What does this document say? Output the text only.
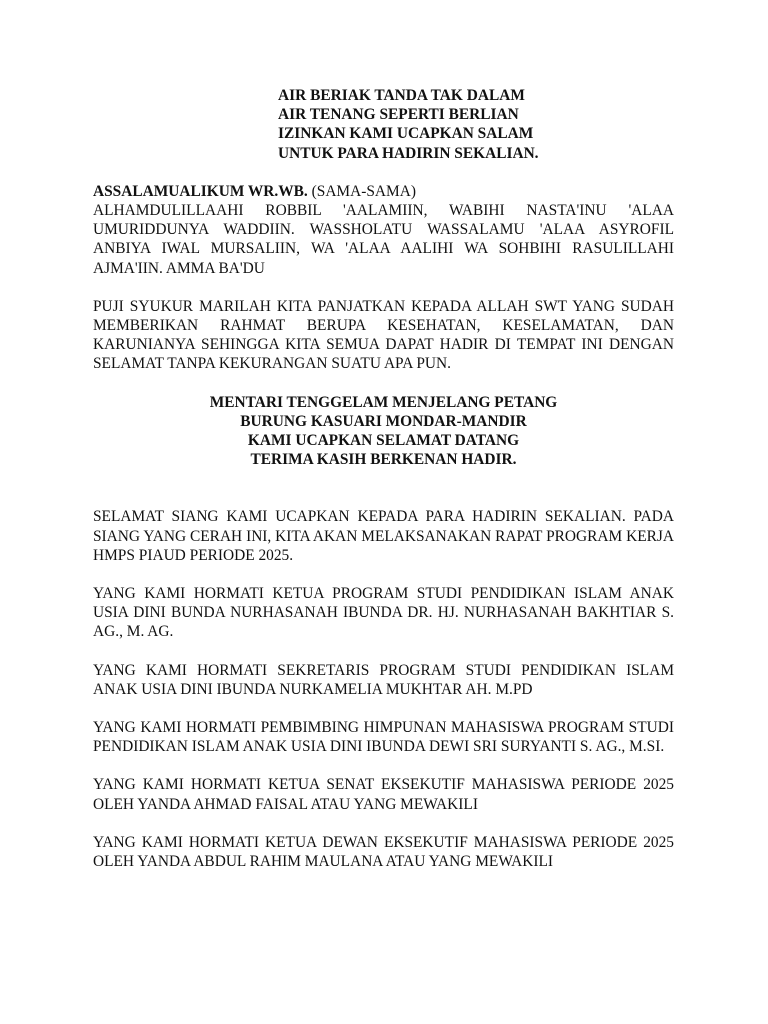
AIR BERIAK TANDA TAK DALAM
AIR TENANG SEPERTI BERLIAN
IZINKAN KAMI UCAPKAN SALAM
UNTUK PARA HADIRIN SEKALIAN.
ASSALAMUALIKUM WR.WB. (SAMA-SAMA)

ALHAMDULILLAAHI ROBBIL 'AALAMIIN, WABIHI NASTA'INU 'ALAA UMURIDDUNYA WADDIIN. WASSHOLATU WASSALAMU 'ALAA ASYROFIL ANBIYA IWAL MURSALIIN, WA 'ALAA AALIHI WA SOHBIHI RASULILLAHI AJMA'IIN. AMMA BA'DU

PUJI SYUKUR MARILAH KITA PANJATKAN KEPADA ALLAH SWT YANG SUDAH MEMBERIKAN RAHMAT BERUPA KESEHATAN, KESELAMATAN, DAN KARUNIANYA SEHINGGA KITA SEMUA DAPAT HADIR DI TEMPAT INI DENGAN SELAMAT TANPA KEKURANGAN SUATU APA PUN.

MENTARI TENGGELAM MENJELANG PETANG
BURUNG KASUARI MONDAR-MANDIR
KAMI UCAPKAN SELAMAT DATANG
TERIMA KASIH BERKENAN HADIR.

SELAMAT SIANG KAMI UCAPKAN KEPADA PARA HADIRIN SEKALIAN. PADA SIANG YANG CERAH INI, KITA AKAN MELAKSANAKAN RAPAT PROGRAM KERJA HMPS PIAUD PERIODE 2025.

YANG KAMI HORMATI KETUA PROGRAM STUDI PENDIDIKAN ISLAM ANAK USIA DINI BUNDA NURHASANAH IBUNDA DR. HJ. NURHASANAH BAKHTIAR S. AG., M. AG.

YANG KAMI HORMATI SEKRETARIS PROGRAM STUDI PENDIDIKAN ISLAM ANAK USIA DINI IBUNDA NURKAMELIA MUKHTAR AH. M.PD

YANG KAMI HORMATI PEMBIMBING HIMPUNAN MAHASISWA PROGRAM STUDI PENDIDIKAN ISLAM ANAK USIA DINI IBUNDA DEWI SRI SURYANTI S. AG., M.SI.

YANG KAMI HORMATI KETUA SENAT EKSEKUTIF MAHASISWA PERIODE 2025 OLEH YANDA AHMAD FAISAL ATAU YANG MEWAKILI

YANG KAMI HORMATI KETUA DEWAN EKSEKUTIF MAHASISWA PERIODE 2025 OLEH YANDA ABDUL RAHIM MAULANA ATAU YANG MEWAKILI
